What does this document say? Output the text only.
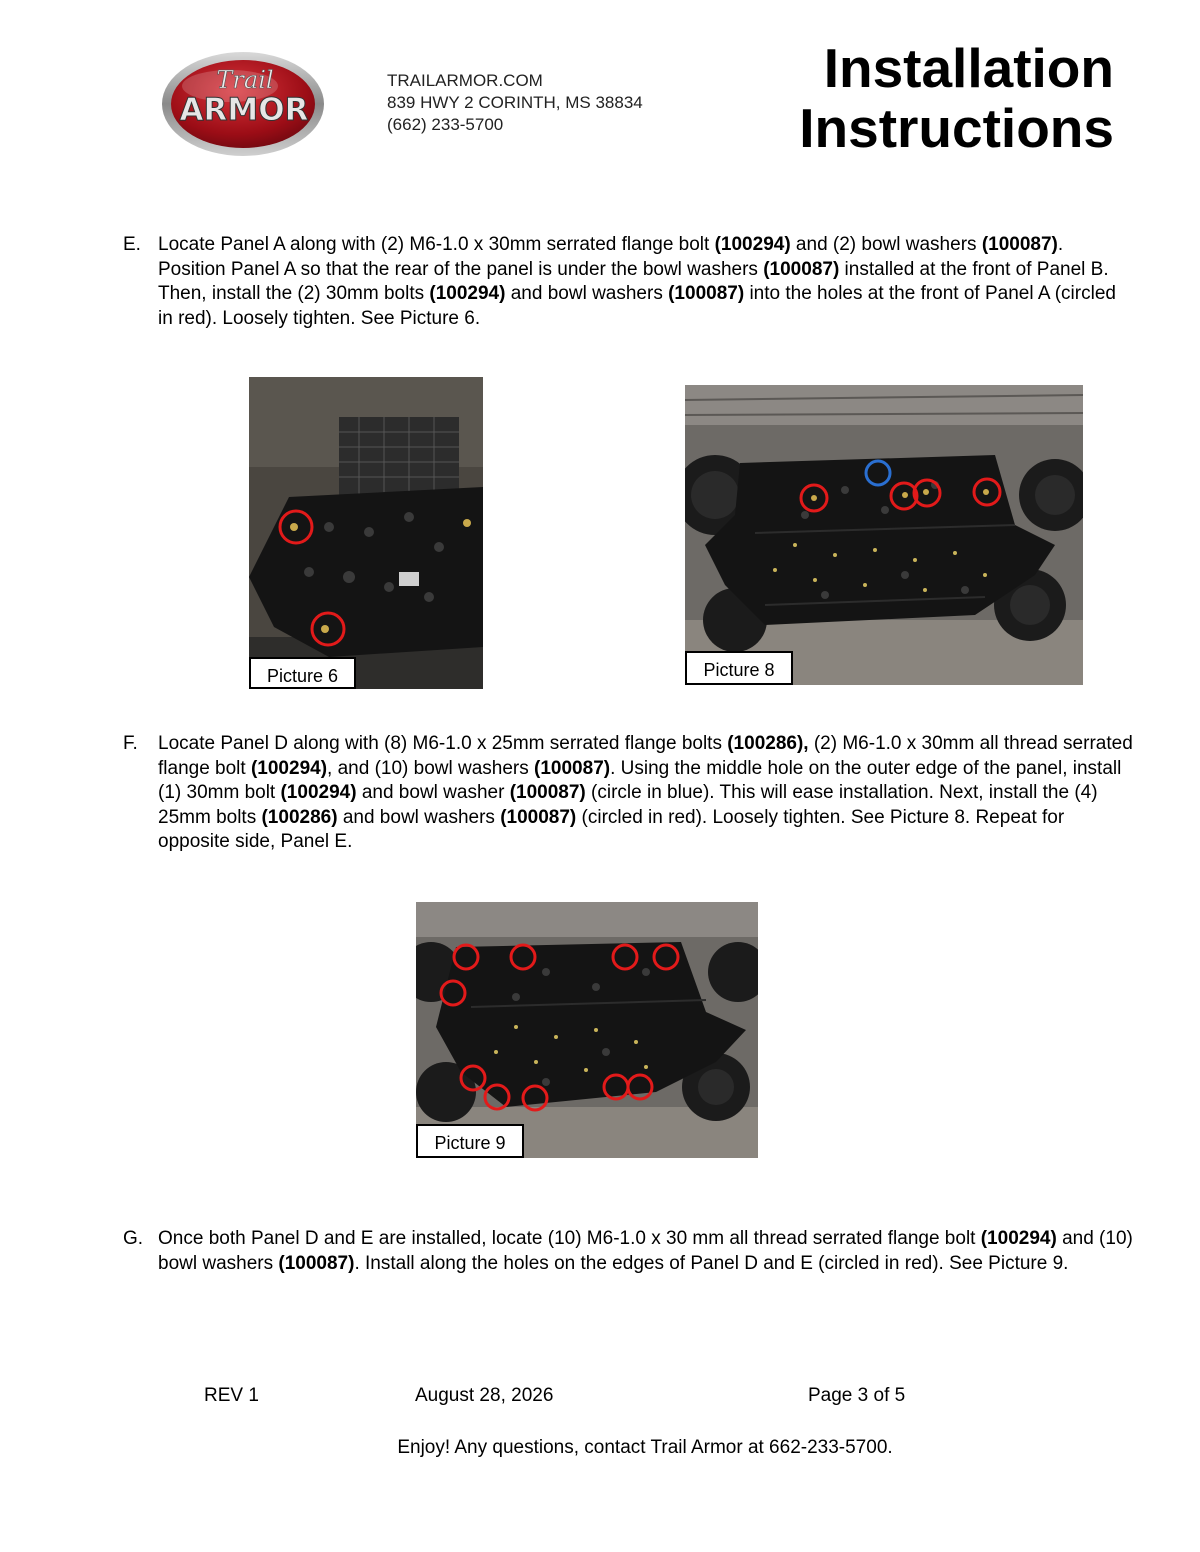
Trail
ARMOR
TRAILARMOR.COM
839 HWY 2 CORINTH, MS 38834
(662) 233-5700
Installation
Instructions
E. Locate Panel A along with (2) M6-1.0 x 30mm serrated flange bolt (100294) and (2) bowl washers (100087). Position Panel A so that the rear of the panel is under the bowl washers (100087) installed at the front of Panel B. Then, install the (2) 30mm bolts (100294) and bowl washers (100087) into the holes at the front of Panel A (circled in red). Loosely tighten. See Picture 6.
Picture 6	Picture 8
F. Locate Panel D along with (8) M6-1.0 x 25mm serrated flange bolts (100286), (2) M6-1.0 x 30mm all thread serrated flange bolt (100294), and (10) bowl washers (100087). Using the middle hole on the outer edge of the panel, install (1) 30mm bolt (100294) and bowl washer (100087) (circle in blue). This will ease installation. Next, install the (4) 25mm bolts (100286) and bowl washers (100087) (circled in red). Loosely tighten. See Picture 8. Repeat for opposite side, Panel E.
Picture 9
G. Once both Panel D and E are installed, locate (10) M6-1.0 x 30 mm all thread serrated flange bolt (100294) and (10) bowl washers (100087). Install along the holes on the edges of Panel D and E (circled in red). See Picture 9.
REV 1	August 28, 2026	Page 3 of 5
Enjoy! Any questions, contact Trail Armor at 662-233-5700.
